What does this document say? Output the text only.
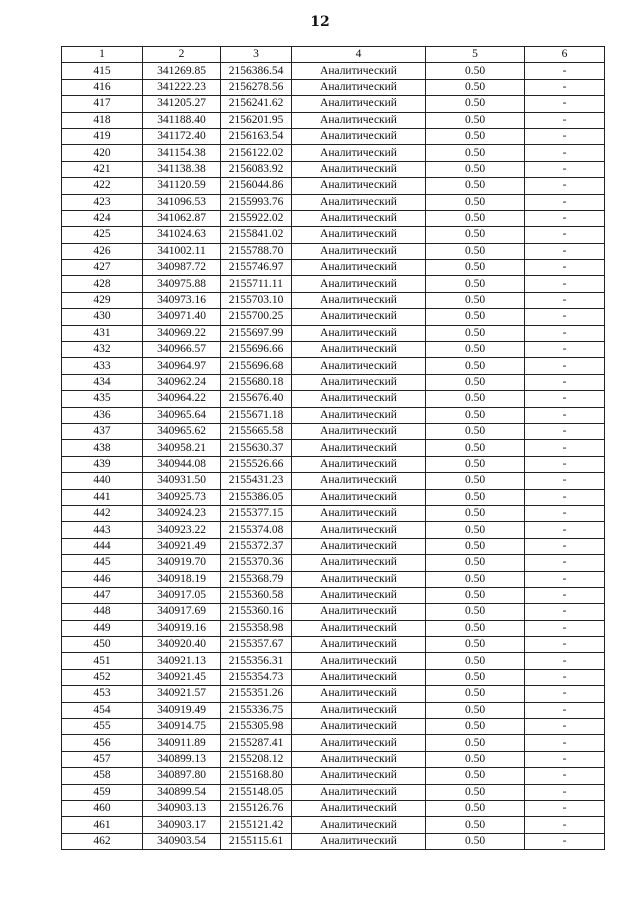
12
1	2	3	4	5	6
415	341269.85	2156386.54	Аналитический	0.50	-
416	341222.23	2156278.56	Аналитический	0.50	-
417	341205.27	2156241.62	Аналитический	0.50	-
418	341188.40	2156201.95	Аналитический	0.50	-
419	341172.40	2156163.54	Аналитический	0.50	-
420	341154.38	2156122.02	Аналитический	0.50	-
421	341138.38	2156083.92	Аналитический	0.50	-
422	341120.59	2156044.86	Аналитический	0.50	-
423	341096.53	2155993.76	Аналитический	0.50	-
424	341062.87	2155922.02	Аналитический	0.50	-
425	341024.63	2155841.02	Аналитический	0.50	-
426	341002.11	2155788.70	Аналитический	0.50	-
427	340987.72	2155746.97	Аналитический	0.50	-
428	340975.88	2155711.11	Аналитический	0.50	-
429	340973.16	2155703.10	Аналитический	0.50	-
430	340971.40	2155700.25	Аналитический	0.50	-
431	340969.22	2155697.99	Аналитический	0.50	-
432	340966.57	2155696.66	Аналитический	0.50	-
433	340964.97	2155696.68	Аналитический	0.50	-
434	340962.24	2155680.18	Аналитический	0.50	-
435	340964.22	2155676.40	Аналитический	0.50	-
436	340965.64	2155671.18	Аналитический	0.50	-
437	340965.62	2155665.58	Аналитический	0.50	-
438	340958.21	2155630.37	Аналитический	0.50	-
439	340944.08	2155526.66	Аналитический	0.50	-
440	340931.50	2155431.23	Аналитический	0.50	-
441	340925.73	2155386.05	Аналитический	0.50	-
442	340924.23	2155377.15	Аналитический	0.50	-
443	340923.22	2155374.08	Аналитический	0.50	-
444	340921.49	2155372.37	Аналитический	0.50	-
445	340919.70	2155370.36	Аналитический	0.50	-
446	340918.19	2155368.79	Аналитический	0.50	-
447	340917.05	2155360.58	Аналитический	0.50	-
448	340917.69	2155360.16	Аналитический	0.50	-
449	340919.16	2155358.98	Аналитический	0.50	-
450	340920.40	2155357.67	Аналитический	0.50	-
451	340921.13	2155356.31	Аналитический	0.50	-
452	340921.45	2155354.73	Аналитический	0.50	-
453	340921.57	2155351.26	Аналитический	0.50	-
454	340919.49	2155336.75	Аналитический	0.50	-
455	340914.75	2155305.98	Аналитический	0.50	-
456	340911.89	2155287.41	Аналитический	0.50	-
457	340899.13	2155208.12	Аналитический	0.50	-
458	340897.80	2155168.80	Аналитический	0.50	-
459	340899.54	2155148.05	Аналитический	0.50	-
460	340903.13	2155126.76	Аналитический	0.50	-
461	340903.17	2155121.42	Аналитический	0.50	-
462	340903.54	2155115.61	Аналитический	0.50	-
